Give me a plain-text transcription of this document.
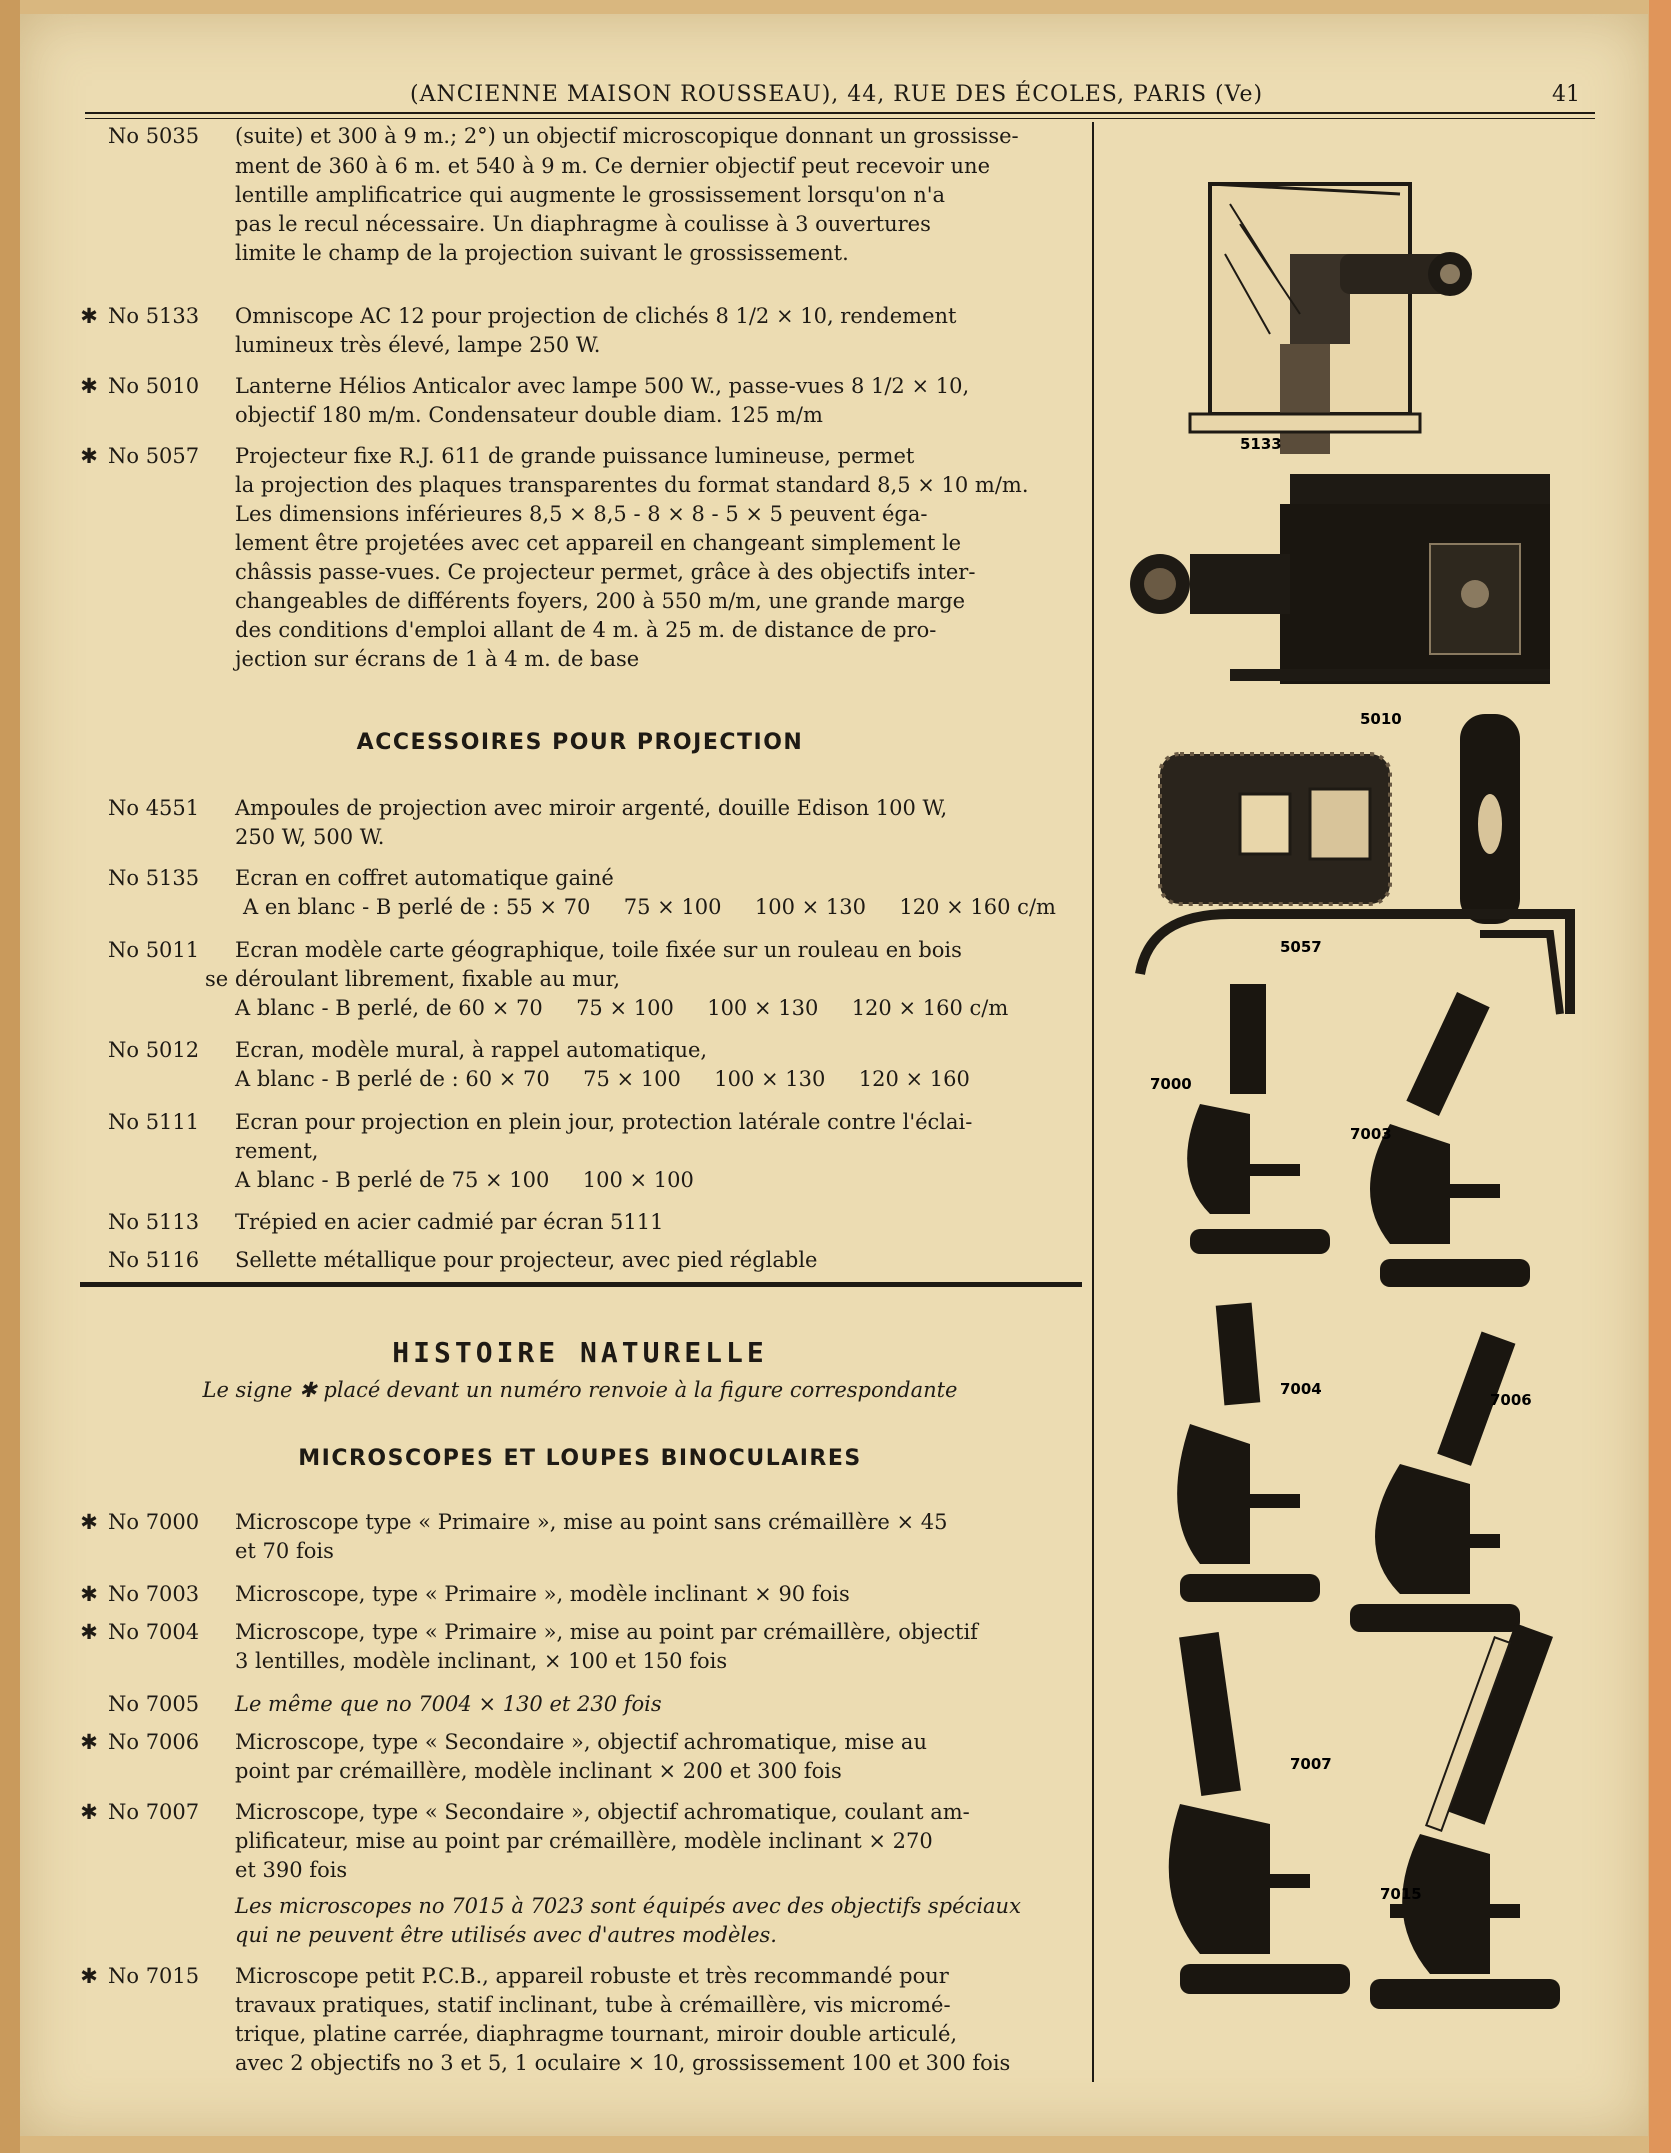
(ANCIENNE MAISON ROUSSEAU), 44, RUE DES ÉCOLES, PARIS (Ve)	41
No 5035 (suite) et 300 à 9 m.; 2°) un objectif microscopique donnant un grossisse-
ment de 360 à 6 m. et 540 à 9 m. Ce dernier objectif peut recevoir une
lentille amplificatrice qui augmente le grossissement lorsqu'on n'a
pas le recul nécessaire. Un diaphragme à coulisse à 3 ouvertures
limite le champ de la projection suivant le grossissement.
✱ No 5133 Omniscope AC 12 pour projection de clichés 8 1/2 × 10, rendement
lumineux très élevé, lampe 250 W.
✱ No 5010 Lanterne Hélios Anticalor avec lampe 500 W., passe-vues 8 1/2 × 10,
objectif 180 m/m. Condensateur double diam. 125 m/m
✱ No 5057 Projecteur fixe R.J. 611 de grande puissance lumineuse, permet
la projection des plaques transparentes du format standard 8,5 × 10 m/m.
Les dimensions inférieures 8,5 × 8,5 - 8 × 8 - 5 × 5 peuvent éga-
lement être projetées avec cet appareil en changeant simplement le
châssis passe-vues. Ce projecteur permet, grâce à des objectifs inter-
changeables de différents foyers, 200 à 550 m/m, une grande marge
des conditions d'emploi allant de 4 m. à 25 m. de distance de pro-
jection sur écrans de 1 à 4 m. de base
ACCESSOIRES POUR PROJECTION
No 4551 Ampoules de projection avec miroir argenté, douille Edison 100 W,
250 W, 500 W.
No 5135 Ecran en coffret automatique gainé
A en blanc - B perlé de : 55 × 70     75 × 100     100 × 130     120 × 160 c/m
No 5011 Ecran modèle carte géographique, toile fixée sur un rouleau en bois
se déroulant librement, fixable au mur,
A blanc - B perlé, de 60 × 70     75 × 100     100 × 130     120 × 160 c/m
No 5012 Ecran, modèle mural, à rappel automatique,
A blanc - B perlé de : 60 × 70     75 × 100     100 × 130     120 × 160
No 5111 Ecran pour projection en plein jour, protection latérale contre l'éclai-
rement,
A blanc - B perlé de 75 × 100     100 × 100
No 5113 Trépied en acier cadmié par écran 5111
No 5116 Sellette métallique pour projecteur, avec pied réglable
HISTOIRE NATURELLE
Le signe ✱ placé devant un numéro renvoie à la figure correspondante
MICROSCOPES ET LOUPES BINOCULAIRES
✱ No 7000 Microscope type « Primaire », mise au point sans crémaillère × 45
et 70 fois
✱ No 7003 Microscope, type « Primaire », modèle inclinant × 90 fois
✱ No 7004 Microscope, type « Primaire », mise au point par crémaillère, objectif
3 lentilles, modèle inclinant, × 100 et 150 fois
No 7005 Le même que no 7004 × 130 et 230 fois
✱ No 7006 Microscope, type « Secondaire », objectif achromatique, mise au
point par crémaillère, modèle inclinant × 200 et 300 fois
✱ No 7007 Microscope, type « Secondaire », objectif achromatique, coulant am-
plificateur, mise au point par crémaillère, modèle inclinant × 270
et 390 fois
Les microscopes no 7015 à 7023 sont équipés avec des objectifs spéciaux
qui ne peuvent être utilisés avec d'autres modèles.
✱ No 7015 Microscope petit P.C.B., appareil robuste et très recommandé pour
travaux pratiques, statif inclinant, tube à crémaillère, vis micromé-
trique, platine carrée, diaphragme tournant, miroir double articulé,
avec 2 objectifs no 3 et 5, 1 oculaire × 10, grossissement 100 et 300 fois
5133
5010
5057
7000
7003
7004
7006
7007
7015
